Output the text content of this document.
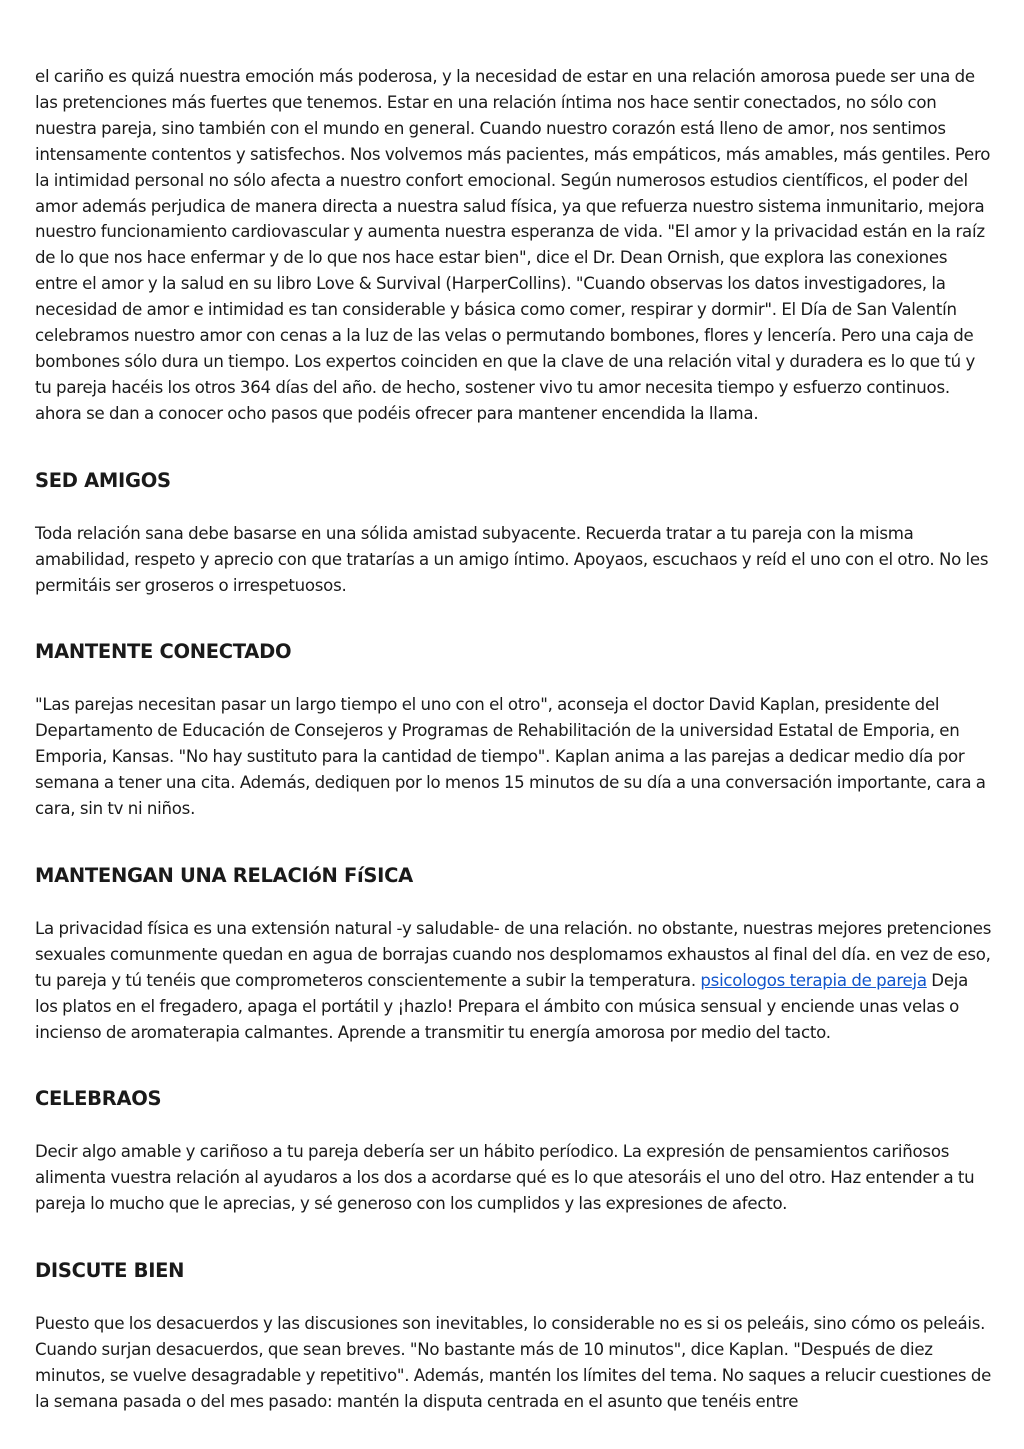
el cariño es quizá nuestra emoción más poderosa, y la necesidad de estar en una relación amorosa puede ser una de las pretenciones más fuertes que tenemos. Estar en una relación íntima nos hace sentir conectados, no sólo con nuestra pareja, sino también con el mundo en general. Cuando nuestro corazón está lleno de amor, nos sentimos intensamente contentos y satisfechos. Nos volvemos más pacientes, más empáticos, más amables, más gentiles. Pero la intimidad personal no sólo afecta a nuestro confort emocional. Según numerosos estudios científicos, el poder del amor además perjudica de manera directa a nuestra salud física, ya que refuerza nuestro sistema inmunitario, mejora nuestro funcionamiento cardiovascular y aumenta nuestra esperanza de vida. "El amor y la privacidad están en la raíz de lo que nos hace enfermar y de lo que nos hace estar bien", dice el Dr. Dean Ornish, que explora las conexiones entre el amor y la salud en su libro Love & Survival (HarperCollins). "Cuando observas los datos investigadores, la necesidad de amor e intimidad es tan considerable y básica como comer, respirar y dormir". El Día de San Valentín celebramos nuestro amor con cenas a la luz de las velas o permutando bombones, flores y lencería. Pero una caja de bombones sólo dura un tiempo. Los expertos coinciden en que la clave de una relación vital y duradera es lo que tú y tu pareja hacéis los otros 364 días del año. de hecho, sostener vivo tu amor necesita tiempo y esfuerzo continuos. ahora se dan a conocer ocho pasos que podéis ofrecer para mantener encendida la llama.

SED AMIGOS

Toda relación sana debe basarse en una sólida amistad subyacente. Recuerda tratar a tu pareja con la misma amabilidad, respeto y aprecio con que tratarías a un amigo íntimo. Apoyaos, escuchaos y reíd el uno con el otro. No les permitáis ser groseros o irrespetuosos.

MANTENTE CONECTADO

"Las parejas necesitan pasar un largo tiempo el uno con el otro", aconseja el doctor David Kaplan, presidente del Departamento de Educación de Consejeros y Programas de Rehabilitación de la universidad Estatal de Emporia, en Emporia, Kansas. "No hay sustituto para la cantidad de tiempo". Kaplan anima a las parejas a dedicar medio día por semana a tener una cita. Además, dediquen por lo menos 15 minutos de su día a una conversación importante, cara a cara, sin tv ni niños.

MANTENGAN UNA RELACIóN FíSICA

La privacidad física es una extensión natural -y saludable- de una relación. no obstante, nuestras mejores pretenciones sexuales comunmente quedan en agua de borrajas cuando nos desplomamos exhaustos al final del día. en vez de eso, tu pareja y tú tenéis que comprometeros conscientemente a subir la temperatura. psicologos terapia de pareja Deja los platos en el fregadero, apaga el portátil y ¡hazlo! Prepara el ámbito con música sensual y enciende unas velas o incienso de aromaterapia calmantes. Aprende a transmitir tu energía amorosa por medio del tacto.

CELEBRAOS

Decir algo amable y cariñoso a tu pareja debería ser un hábito períodico. La expresión de pensamientos cariñosos alimenta vuestra relación al ayudaros a los dos a acordarse qué es lo que atesoráis el uno del otro. Haz entender a tu pareja lo mucho que le aprecias, y sé generoso con los cumplidos y las expresiones de afecto.

DISCUTE BIEN

Puesto que los desacuerdos y las discusiones son inevitables, lo considerable no es si os peleáis, sino cómo os peleáis. Cuando surjan desacuerdos, que sean breves. "No bastante más de 10 minutos", dice Kaplan. "Después de diez minutos, se vuelve desagradable y repetitivo". Además, mantén los límites del tema. No saques a relucir cuestiones de la semana pasada o del mes pasado: mantén la disputa centrada en el asunto que tenéis entre
